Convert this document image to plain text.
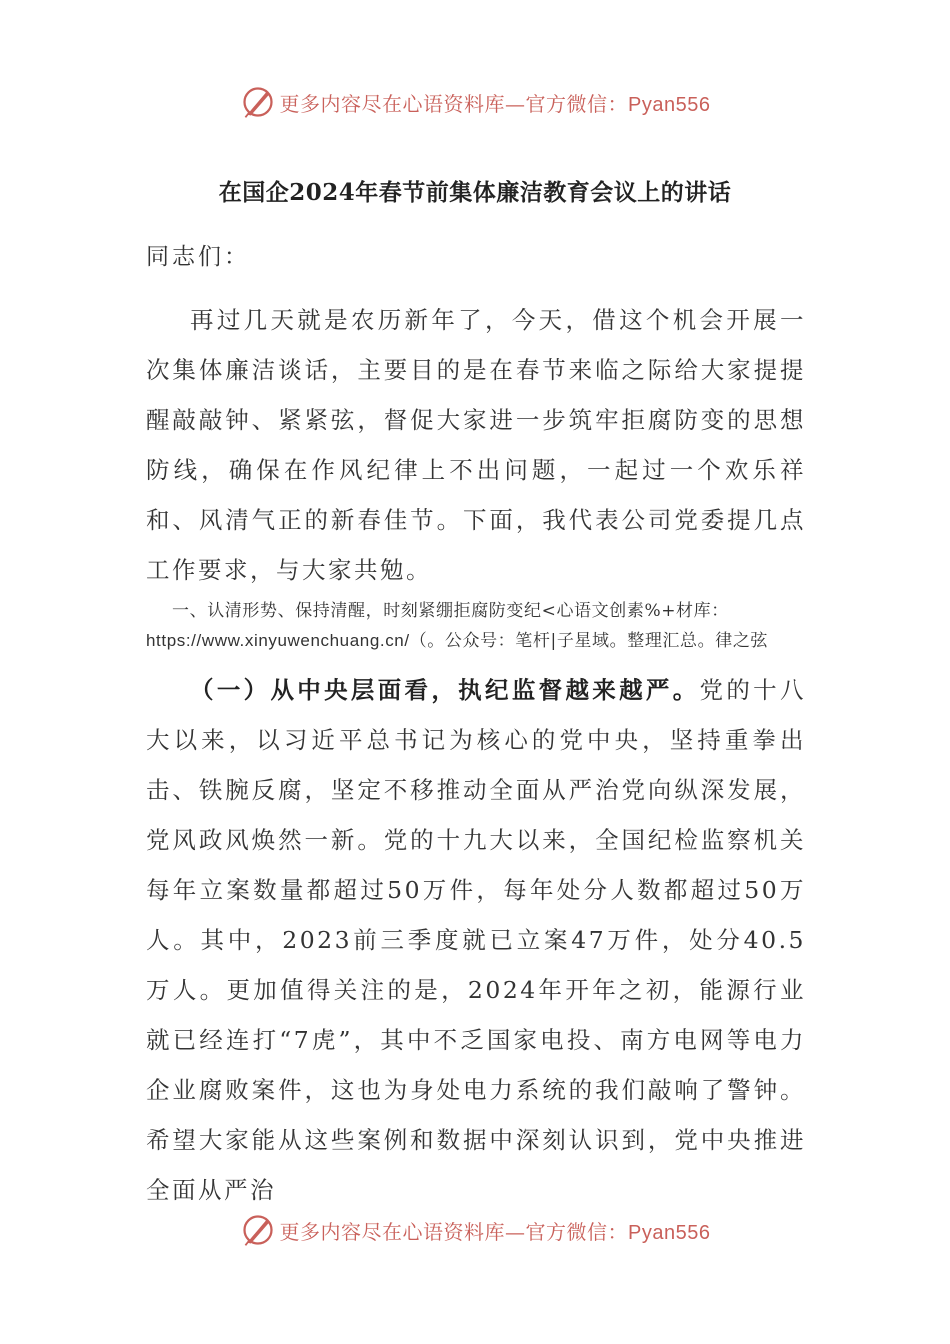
更多内容尽在心语资料库—官方微信：Pyan556
在国企2024年春节前集体廉洁教育会议上的讲话
同志们：
再过几天就是农历新年了，今天，借这个机会开展一次集体廉洁谈话，主要目的是在春节来临之际给大家提提醒敲敲钟、紧紧弦，督促大家进一步筑牢拒腐防变的思想防线，确保在作风纪律上不出问题，一起过一个欢乐祥和、风清气正的新春佳节。下面，我代表公司党委提几点工作要求，与大家共勉。
一、认清形势、保持清醒，时刻紧绷拒腐防变纪<心语文创素%+材库：https://www.xinyuwenchuang.cn/（。公众号：笔杆|子星域。整理汇总。律之弦
（一）从中央层面看，执纪监督越来越严。党的十八大以来，以习近平总书记为核心的党中央，坚持重拳出击、铁腕反腐，坚定不移推动全面从严治党向纵深发展，党风政风焕然一新。党的十九大以来，全国纪检监察机关每年立案数量都超过50万件，每年处分人数都超过50万人。其中，2023前三季度就已立案47万件，处分40.5万人。更加值得关注的是，2024年开年之初，能源行业就已经连打“7虎”，其中不乏国家电投、南方电网等电力企业腐败案件，这也为身处电力系统的我们敲响了警钟。希望大家能从这些案例和数据中深刻认识到，党中央推进全面从严治
更多内容尽在心语资料库—官方微信：Pyan556
